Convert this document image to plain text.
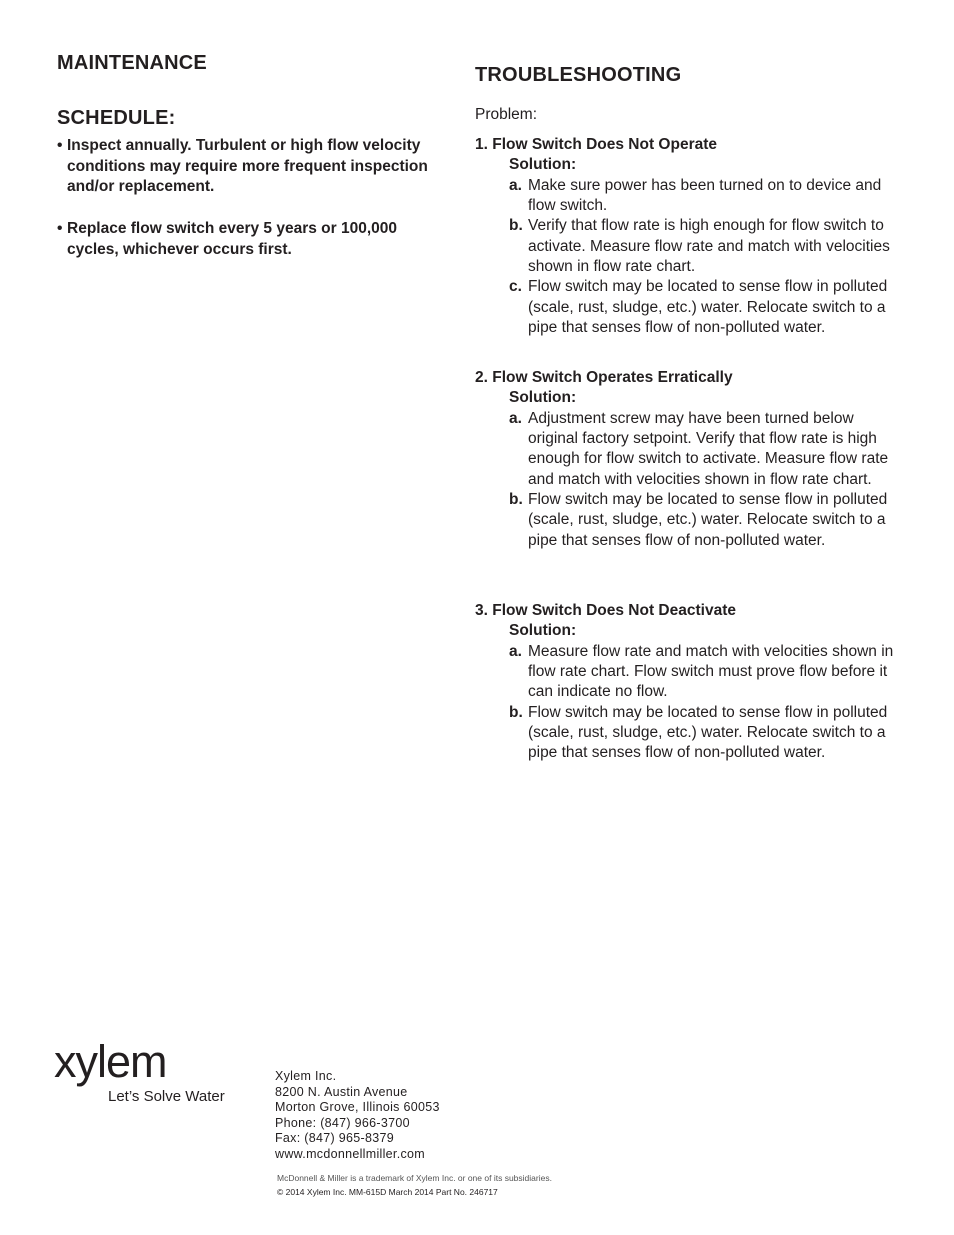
MAINTENANCE
SCHEDULE:
• Inspect annually. Turbulent or high flow velocity conditions may require more frequent inspection and/or replacement.
• Replace flow switch every 5 years or 100,000 cycles, whichever occurs first.
TROUBLESHOOTING
Problem:
1. Flow Switch Does Not Operate
Solution:
a. Make sure power has been turned on to device and flow switch.
b. Verify that flow rate is high enough for flow switch to activate. Measure flow rate and match with velocities shown in flow rate chart.
c. Flow switch may be located to sense flow in polluted (scale, rust, sludge, etc.) water. Relocate switch to a pipe that senses flow of non-polluted water.
2. Flow Switch Operates Erratically
Solution:
a. Adjustment screw may have been turned below original factory setpoint. Verify that flow rate is high enough for flow switch to activate. Measure flow rate and match with velocities shown in flow rate chart.
b. Flow switch may be located to sense flow in polluted (scale, rust, sludge, etc.) water. Relocate switch to a pipe that senses flow of non-polluted water.
3. Flow Switch Does Not Deactivate
Solution:
a. Measure flow rate and match with velocities shown in flow rate chart. Flow switch must prove flow before it can indicate no flow.
b. Flow switch may be located to sense flow in polluted (scale, rust, sludge, etc.) water. Relocate switch to a pipe that senses flow of non-polluted water.
xylem
Let’s Solve Water
Xylem Inc.
8200 N. Austin Avenue
Morton Grove, Illinois 60053
Phone: (847) 966-3700
Fax: (847) 965-8379
www.mcdonnellmiller.com
McDonnell & Miller is a trademark of Xylem Inc. or one of its subsidiaries.
© 2014 Xylem Inc. MM-615D March 2014 Part No. 246717
